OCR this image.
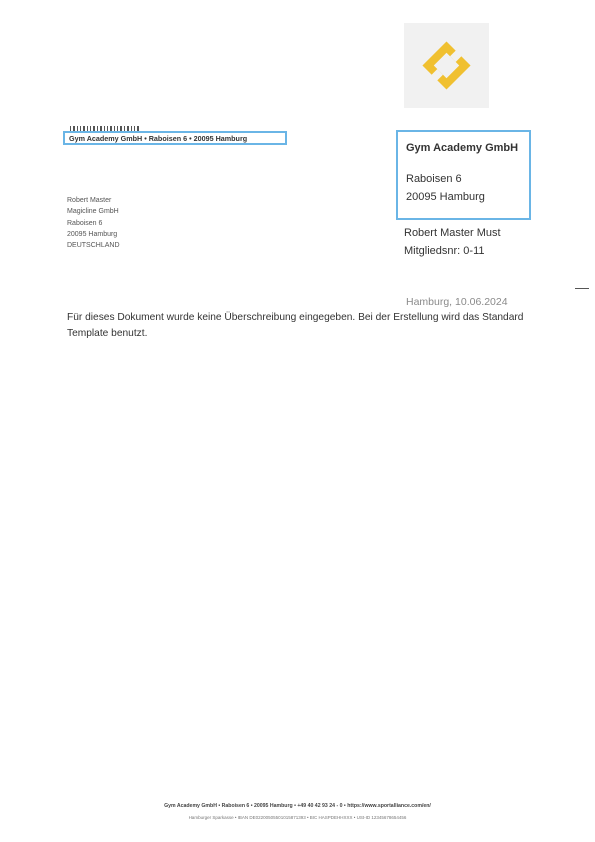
Gym Academy GmbH • Raboisen 6 • 20095 Hamburg
Robert Master
Magicline GmbH
Raboisen 6
20095 Hamburg
DEUTSCHLAND
Gym Academy GmbH
Raboisen 6
20095 Hamburg
Robert Master Must
Mitgliedsnr: 0-11
Hamburg, 10.06.2024
Für dieses Dokument wurde keine Überschreibung eingegeben. Bei der Erstellung wird das Standard Template benutzt.
Gym Academy GmbH • Raboisen 6 • 20095 Hamburg • +49 40 42 93 24 - 0 • https://www.sportalliance.com/en/
Hamburger Sparkasse • IBAN DE02200505501015871393 • BIC HASPDEHHXXX • USt-ID 12345678654456
